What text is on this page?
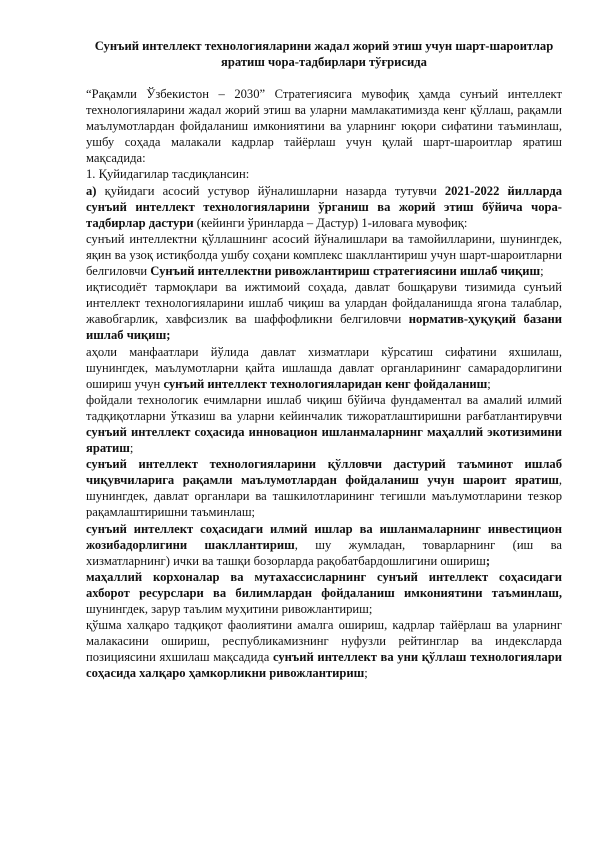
Сунъий интеллект технологияларини жадал жорий этиш учун шарт-шароитлар яратиш чора-тадбирлари тўғрисида

“Рақамли Ўзбекистон – 2030” Стратегиясига мувофиқ ҳамда сунъий интеллект технологияларини жадал жорий этиш ва уларни мамлакатимизда кенг қўллаш, рақамли маълумотлардан фойдаланиш имкониятини ва уларнинг юқори сифатини таъминлаш, ушбу соҳада малакали кадрлар тайёрлаш учун қулай шарт-шароитлар яратиш мақсадида:

1. Қуйидагилар тасдиқлансин:

а) қуйидаги асосий устувор йўналишларни назарда тутувчи 2021-2022 йилларда сунъий интеллект технологияларини ўрганиш ва жорий этиш бўйича чора-тадбирлар дастури (кейинги ўринларда – Дастур) 1-иловага мувофиқ:

сунъий интеллектни қўллашнинг асосий йўналишлари ва тамойилларини, шунингдек, яқин ва узоқ истиқболда ушбу соҳани комплекс шакллантириш учун шарт-шароитларни белгиловчи Сунъий интеллектни ривожлантириш стратегиясини ишлаб чиқиш;

иқтисодиёт тармоқлари ва ижтимоий соҳада, давлат бошқаруви тизимида сунъий интеллект технологияларини ишлаб чиқиш ва улардан фойдаланишда ягона талаблар, жавобгарлик, хавфсизлик ва шаффофликни белгиловчи норматив-ҳуқуқий базани ишлаб чиқиш;

аҳоли манфаатлари йўлида давлат хизматлари кўрсатиш сифатини яхшилаш, шунингдек, маълумотларни қайта ишлашда давлат органларининг самарадорлигини ошириш учун сунъий интеллект технологияларидан кенг фойдаланиш;

фойдали технологик ечимларни ишлаб чиқиш бўйича фундаментал ва амалий илмий тадқиқотларни ўтказиш ва уларни кейинчалик тижоратлаштиришни рағбатлантирувчи сунъий интеллект соҳасида инновацион ишланмаларнинг маҳаллий экотизимини яратиш;

сунъий интеллект технологияларини қўлловчи дастурий таъминот ишлаб чиқувчиларига рақамли маълумотлардан фойдаланиш учун шароит яратиш, шунингдек, давлат органлари ва ташкилотларининг тегишли маълумотларини тезкор рақамлаштиришни таъминлаш;

сунъий интеллект соҳасидаги илмий ишлар ва ишланмаларнинг инвестицион жозибадорлигини шакллантириш, шу жумладан, товарларнинг (иш ва хизматларнинг) ички ва ташқи бозорларда рақобатбардошлигини ошириш;

маҳаллий корхоналар ва мутахассисларнинг сунъий интеллект соҳасидаги ахборот ресурслари ва билимлардан фойдаланиш имкониятини таъминлаш, шунингдек, зарур таълим муҳитини ривожлантириш;

қўшма халқаро тадқиқот фаолиятини амалга ошириш, кадрлар тайёрлаш ва уларнинг малакасини ошириш, республикамизнинг нуфузли рейтинглар ва индексларда позициясини яхшилаш мақсадида сунъий интеллект ва уни қўллаш технологиялари соҳасида халқаро ҳамкорликни ривожлантириш;
